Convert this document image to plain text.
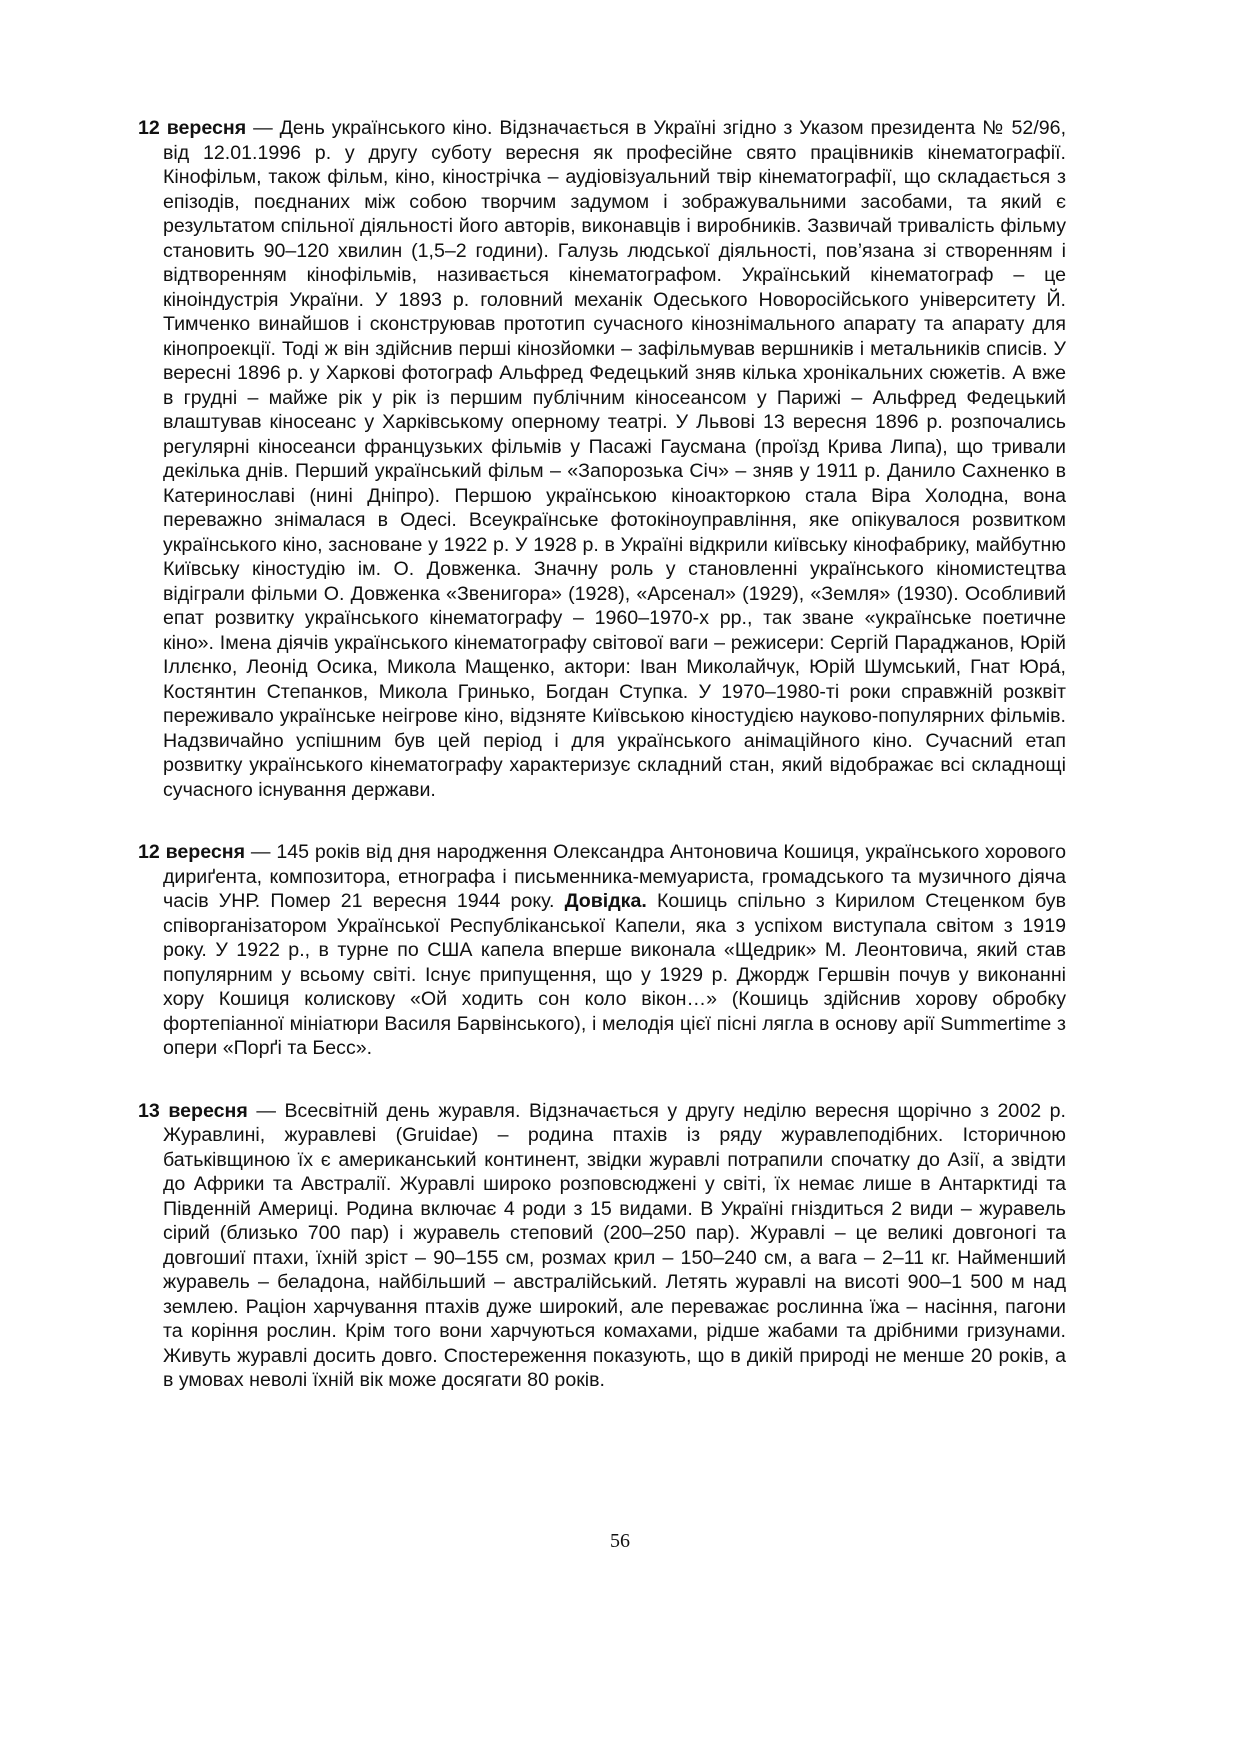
12 вересня — День українського кіно. Відзначається в Україні згідно з Указом президента № 52/96, від 12.01.1996 р. у другу суботу вересня як професійне свято працівників кінематографії. Кінофільм, також фільм, кіно, кінострічка – аудіовізуальний твір кінематографії, що складається з епізодів, поєднаних між собою творчим задумом і зображувальними засобами, та який є результатом спільної діяльності його авторів, виконавців і виробників. Зазвичай тривалість фільму становить 90–120 хвилин (1,5–2 години). Галузь людської діяльності, пов’язана зі створенням і відтворенням кінофільмів, називається кінематографом. Український кінематограф – це кіноіндустрія України. У 1893 р. головний механік Одеського Новоросійського університету Й. Тимченко винайшов і сконструював прототип сучасного кінознімального апарату та апарату для кінопроекції. Тоді ж він здійснив перші кінозйомки – зафільмував вершників і метальників списів. У вересні 1896 р. у Харкові фотограф Альфред Федецький зняв кілька хронікальних сюжетів. А вже в грудні – майже рік у рік із першим публічним кіносеансом у Парижі – Альфред Федецький влаштував кіносеанс у Харківському оперному театрі. У Львові 13 вересня 1896 р. розпочались регулярні кіносеанси французьких фільмів у Пасажі Гаусмана (проїзд Крива Липа), що тривали декілька днів. Перший український фільм – «Запорозька Січ» – зняв у 1911 р. Данило Сахненко в Катеринославі (нині Дніпро). Першою українською кіноакторкою стала Віра Холодна, вона переважно знімалася в Одесі. Всеукраїнське фотокіноуправління, яке опікувалося розвитком українського кіно, засноване у 1922 р. У 1928 р. в Україні відкрили київську кінофабрику, майбутню Київську кіностудію ім. О. Довженка. Значну роль у становленні українського кіномистецтва відіграли фільми О. Довженка «Звенигора» (1928), «Арсенал» (1929), «Земля» (1930). Особливий епат розвитку українського кінематографу – 1960–1970-х рр., так зване «українське поетичне кіно». Імена діячів українського кінематографу світової ваги – режисери: Сергій Параджанов, Юрій Іллєнко, Леонід Осика, Микола Мащенко, актори: Іван Миколайчук, Юрій Шумський, Гнат Юра́, Костянтин Степанков, Микола Гринько, Богдан Ступка. У 1970–1980-ті роки справжній розквіт переживало українське неігрове кіно, відзняте Київською кіностудією науково-популярних фільмів. Надзвичайно успішним був цей період і для українського анімаційного кіно. Сучасний етап розвитку українського кінематографу характеризує складний стан, який відображає всі складнощі сучасного існування держави.

12 вересня — 145 років від дня народження Олександра Антоновича Кошиця, українського хорового дириґента, композитора, етнографа і письменника-мемуариста, громадського та музичного діяча часів УНР. Помер 21 вересня 1944 року. Довідка. Кошиць спільно з Кирилом Стеценком був співорганізатором Української Республіканської Капели, яка з успіхом виступала світом з 1919 року. У 1922 р., в турне по США капела вперше виконала «Щедрик» М. Леонтовича, який став популярним у всьому світі. Існує припущення, що у 1929 р. Джордж Гершвін почув у виконанні хору Кошиця колискову «Ой ходить сон коло вікон…» (Кошиць здійснив хорову обробку фортепіанної мініатюри Василя Барвінського), і мелодія цієї пісні лягла в основу арії Summertime з опери «Порґі та Бесс».

13 вересня — Всесвітній день журавля. Відзначається у другу неділю вересня щорічно з 2002 р. Журавлині, журавлеві (Gruidae) – родина птахів із ряду журавлеподібних. Історичною батьківщиною їх є американський континент, звідки журавлі потрапили спочатку до Азії, а звідти до Африки та Австралії. Журавлі широко розповсюджені у світі, їх немає лише в Антарктиді та Південній Америці. Родина включає 4 роди з 15 видами. В Україні гніздиться 2 види – журавель сірий (близько 700 пар) і журавель степовий (200–250 пар). Журавлі – це великі довгоногі та довгошиї птахи, їхній зріст – 90–155 см, розмах крил – 150–240 см, а вага – 2–11 кг. Найменший журавель – беладона, найбільший – австралійський. Летять журавлі на висоті 900–1 500 м над землею. Раціон харчування птахів дуже широкий, але переважає рослинна їжа – насіння, пагони та коріння рослин. Крім того вони харчуються комахами, рідше жабами та дрібними гризунами. Живуть журавлі досить довго. Спостереження показують, що в дикій природі не менше 20 років, а в умовах неволі їхній вік може досягати 80 років.

56
